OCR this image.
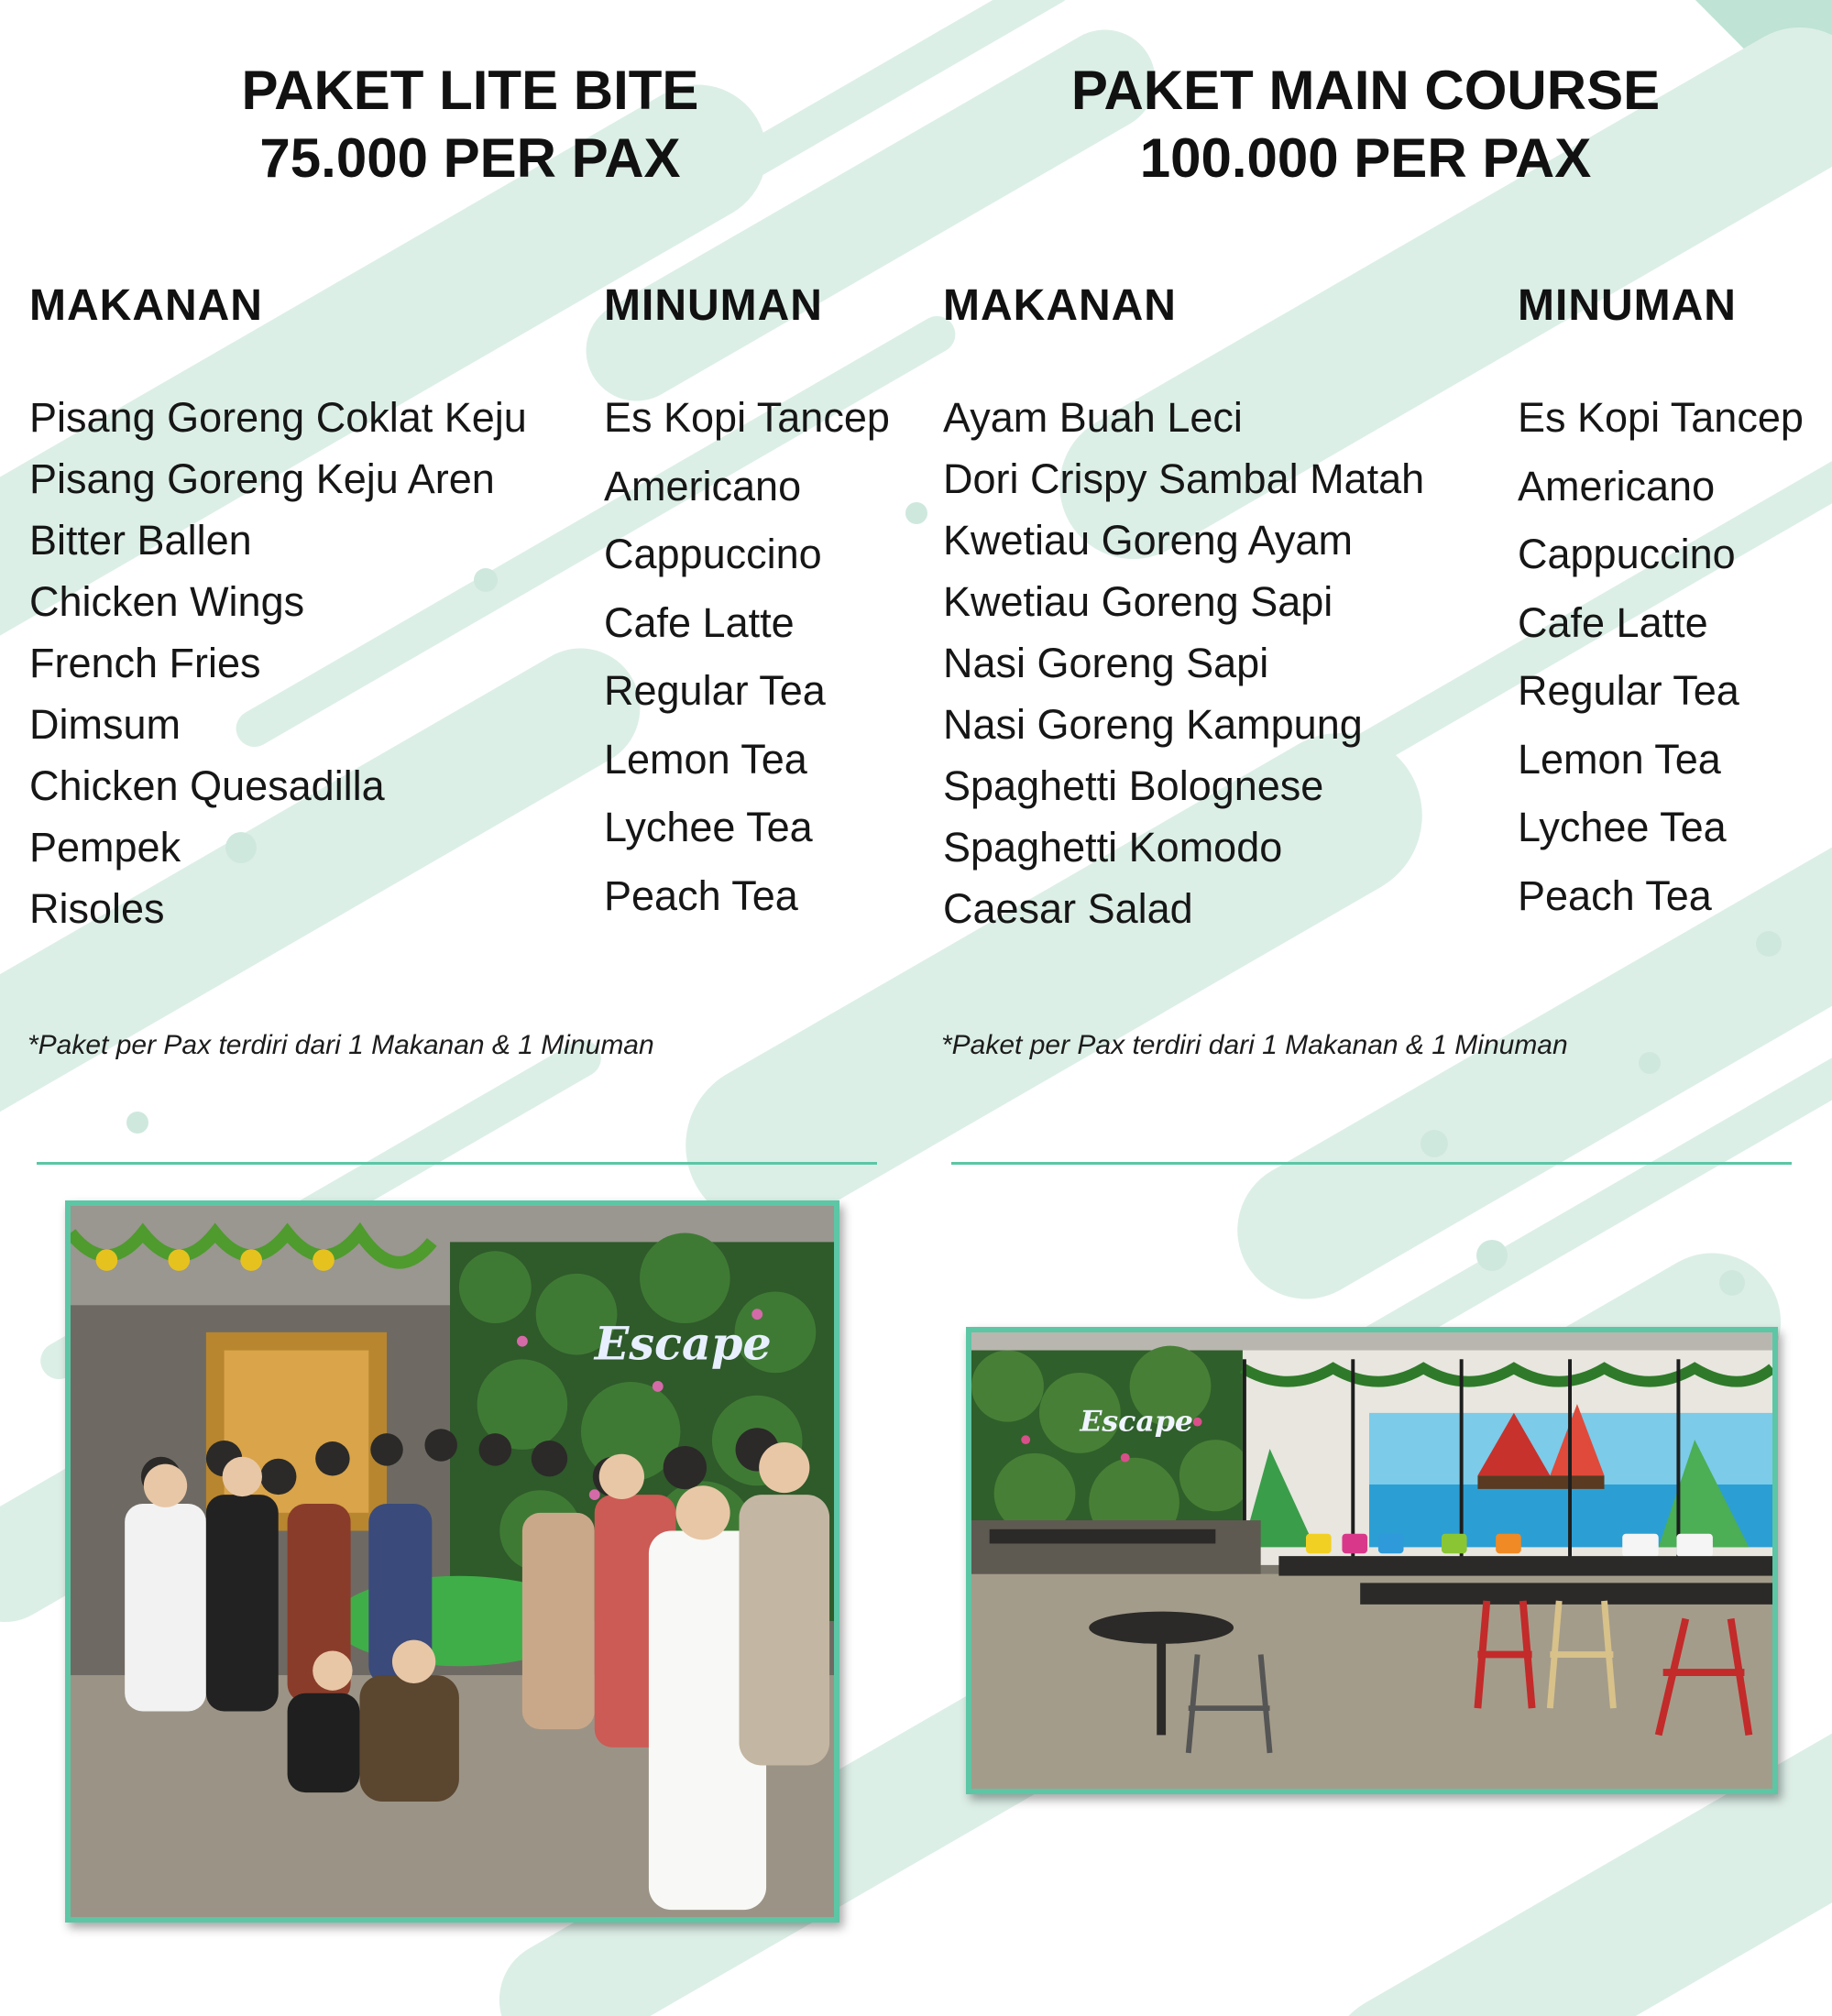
PAKET LITE BITE
75.000 PER PAX
MAKANAN	MINUMAN
Pisang Goreng Coklat Keju
Pisang Goreng Keju Aren
Bitter Ballen
Chicken Wings
French Fries
Dimsum
Chicken Quesadilla
Pempek
Risoles
Es Kopi Tancep
Americano
Cappuccino
Cafe Latte
Regular Tea
Lemon Tea
Lychee Tea
Peach Tea
*Paket per Pax terdiri dari 1 Makanan & 1 Minuman
Escape
PAKET MAIN COURSE
100.000 PER PAX
MAKANAN	MINUMAN
Ayam Buah Leci
Dori Crispy Sambal Matah
Kwetiau Goreng Ayam
Kwetiau Goreng Sapi
Nasi Goreng Sapi
Nasi Goreng Kampung
Spaghetti Bolognese
Spaghetti Komodo
Caesar Salad
Es Kopi Tancep
Americano
Cappuccino
Cafe Latte
Regular Tea
Lemon Tea
Lychee Tea
Peach Tea
*Paket per Pax terdiri dari 1 Makanan & 1 Minuman
Escape
